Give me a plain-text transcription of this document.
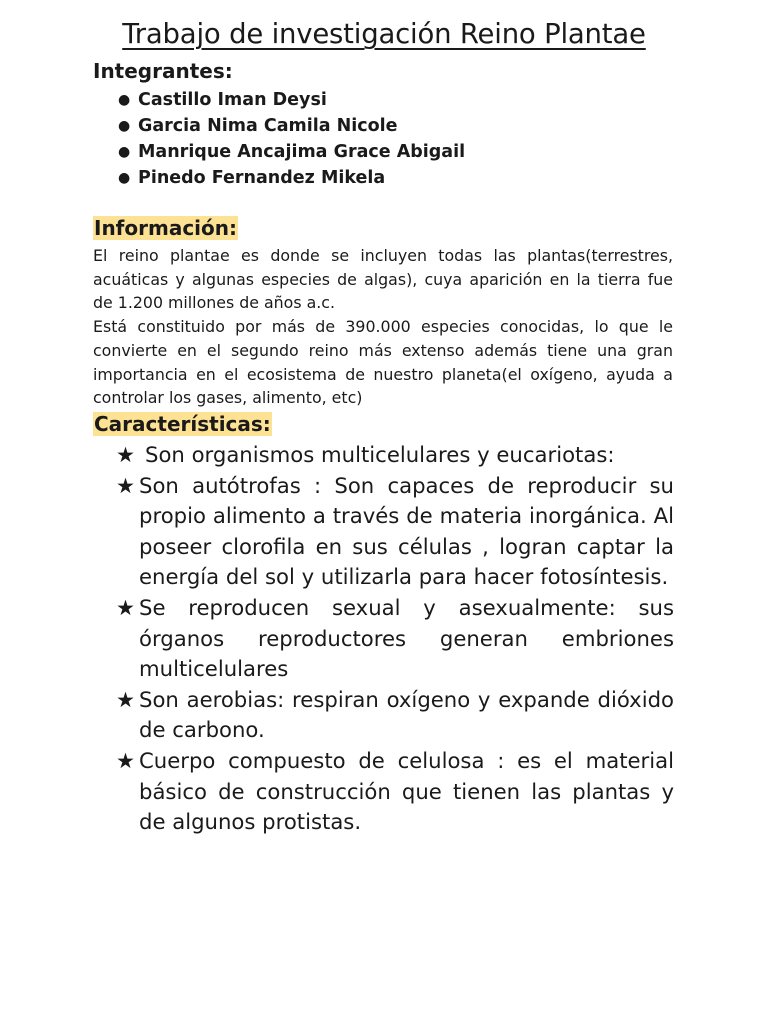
Trabajo de investigación Reino Plantae
Integrantes:
● Castillo Iman Deysi
● Garcia Nima Camila Nicole
● Manrique Ancajima Grace Abigail
● Pinedo Fernandez Mikela
Información:

El reino plantae es donde se incluyen todas las plantas(terrestres, acuáticas y algunas especies de algas), cuya aparición en la tierra fue de 1.200 millones de años a.c.

Está constituido por más de 390.000 especies conocidas, lo que le convierte en el segundo reino más extenso además tiene una gran importancia en el ecosistema de nuestro planeta(el oxígeno, ayuda a controlar los gases, alimento, etc)

Características:
★ Son organismos multicelulares y eucariotas:
★ Son autótrofas : Son capaces de reproducir su propio alimento a través de materia inorgánica. Al poseer clorofila en sus células , logran captar la energía del sol y utilizarla para hacer fotosíntesis.
★ Se reproducen sexual y asexualmente: sus órganos reproductores generan embriones multicelulares
★ Son aerobias: respiran oxígeno y expande dióxido de carbono.
★ Cuerpo compuesto de celulosa : es el material básico de construcción que tienen las plantas y de algunos protistas.
